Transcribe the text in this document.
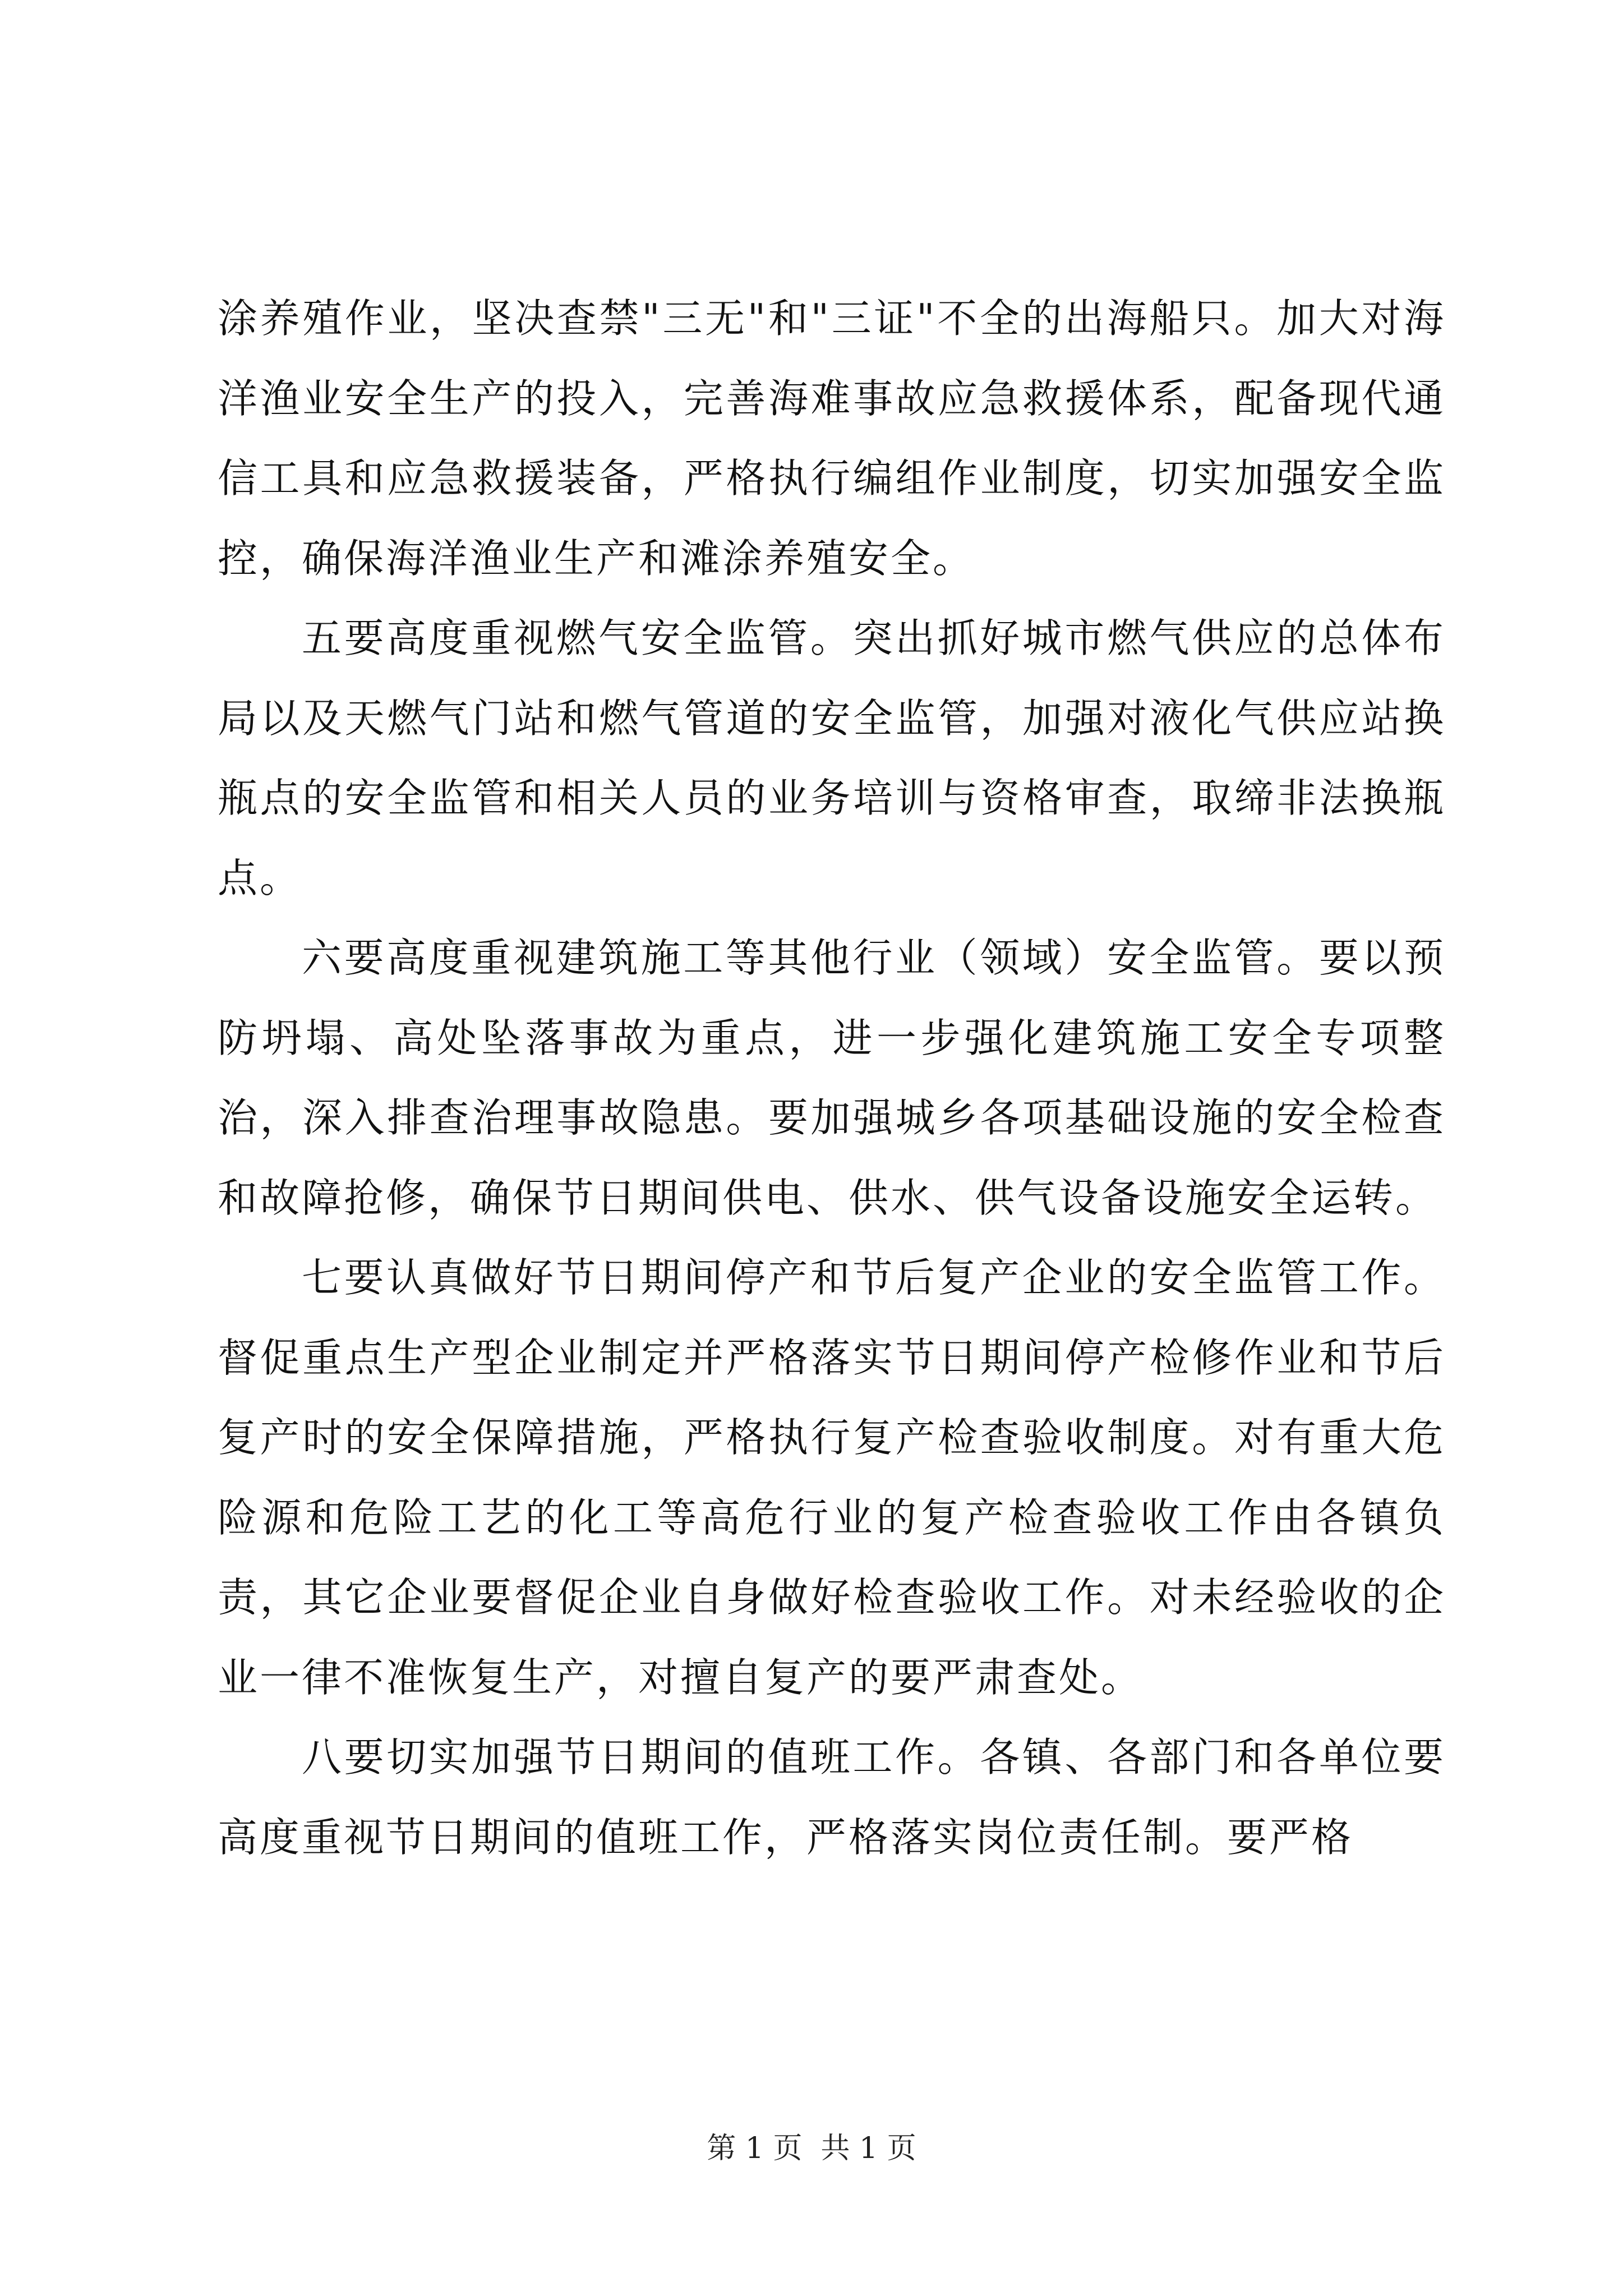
涂养殖作业，坚决查禁"三无"和"三证"不全的出海船只。加大对海洋渔业安全生产的投入，完善海难事故应急救援体系，配备现代通信工具和应急救援装备，严格执行编组作业制度，切实加强安全监控，确保海洋渔业生产和滩涂养殖安全。

五要高度重视燃气安全监管。突出抓好城市燃气供应的总体布局以及天燃气门站和燃气管道的安全监管，加强对液化气供应站换瓶点的安全监管和相关人员的业务培训与资格审查，取缔非法换瓶点。

六要高度重视建筑施工等其他行业（领域）安全监管。要以预防坍塌、高处坠落事故为重点，进一步强化建筑施工安全专项整治，深入排查治理事故隐患。要加强城乡各项基础设施的安全检查和故障抢修，确保节日期间供电、供水、供气设备设施安全运转。

七要认真做好节日期间停产和节后复产企业的安全监管工作。督促重点生产型企业制定并严格落实节日期间停产检修作业和节后复产时的安全保障措施，严格执行复产检查验收制度。对有重大危险源和危险工艺的化工等高危行业的复产检查验收工作由各镇负责，其它企业要督促企业自身做好检查验收工作。对未经验收的企业一律不准恢复生产，对擅自复产的要严肃查处。

八要切实加强节日期间的值班工作。各镇、各部门和各单位要高度重视节日期间的值班工作，严格落实岗位责任制。要严格

第 1 页  共 1 页
